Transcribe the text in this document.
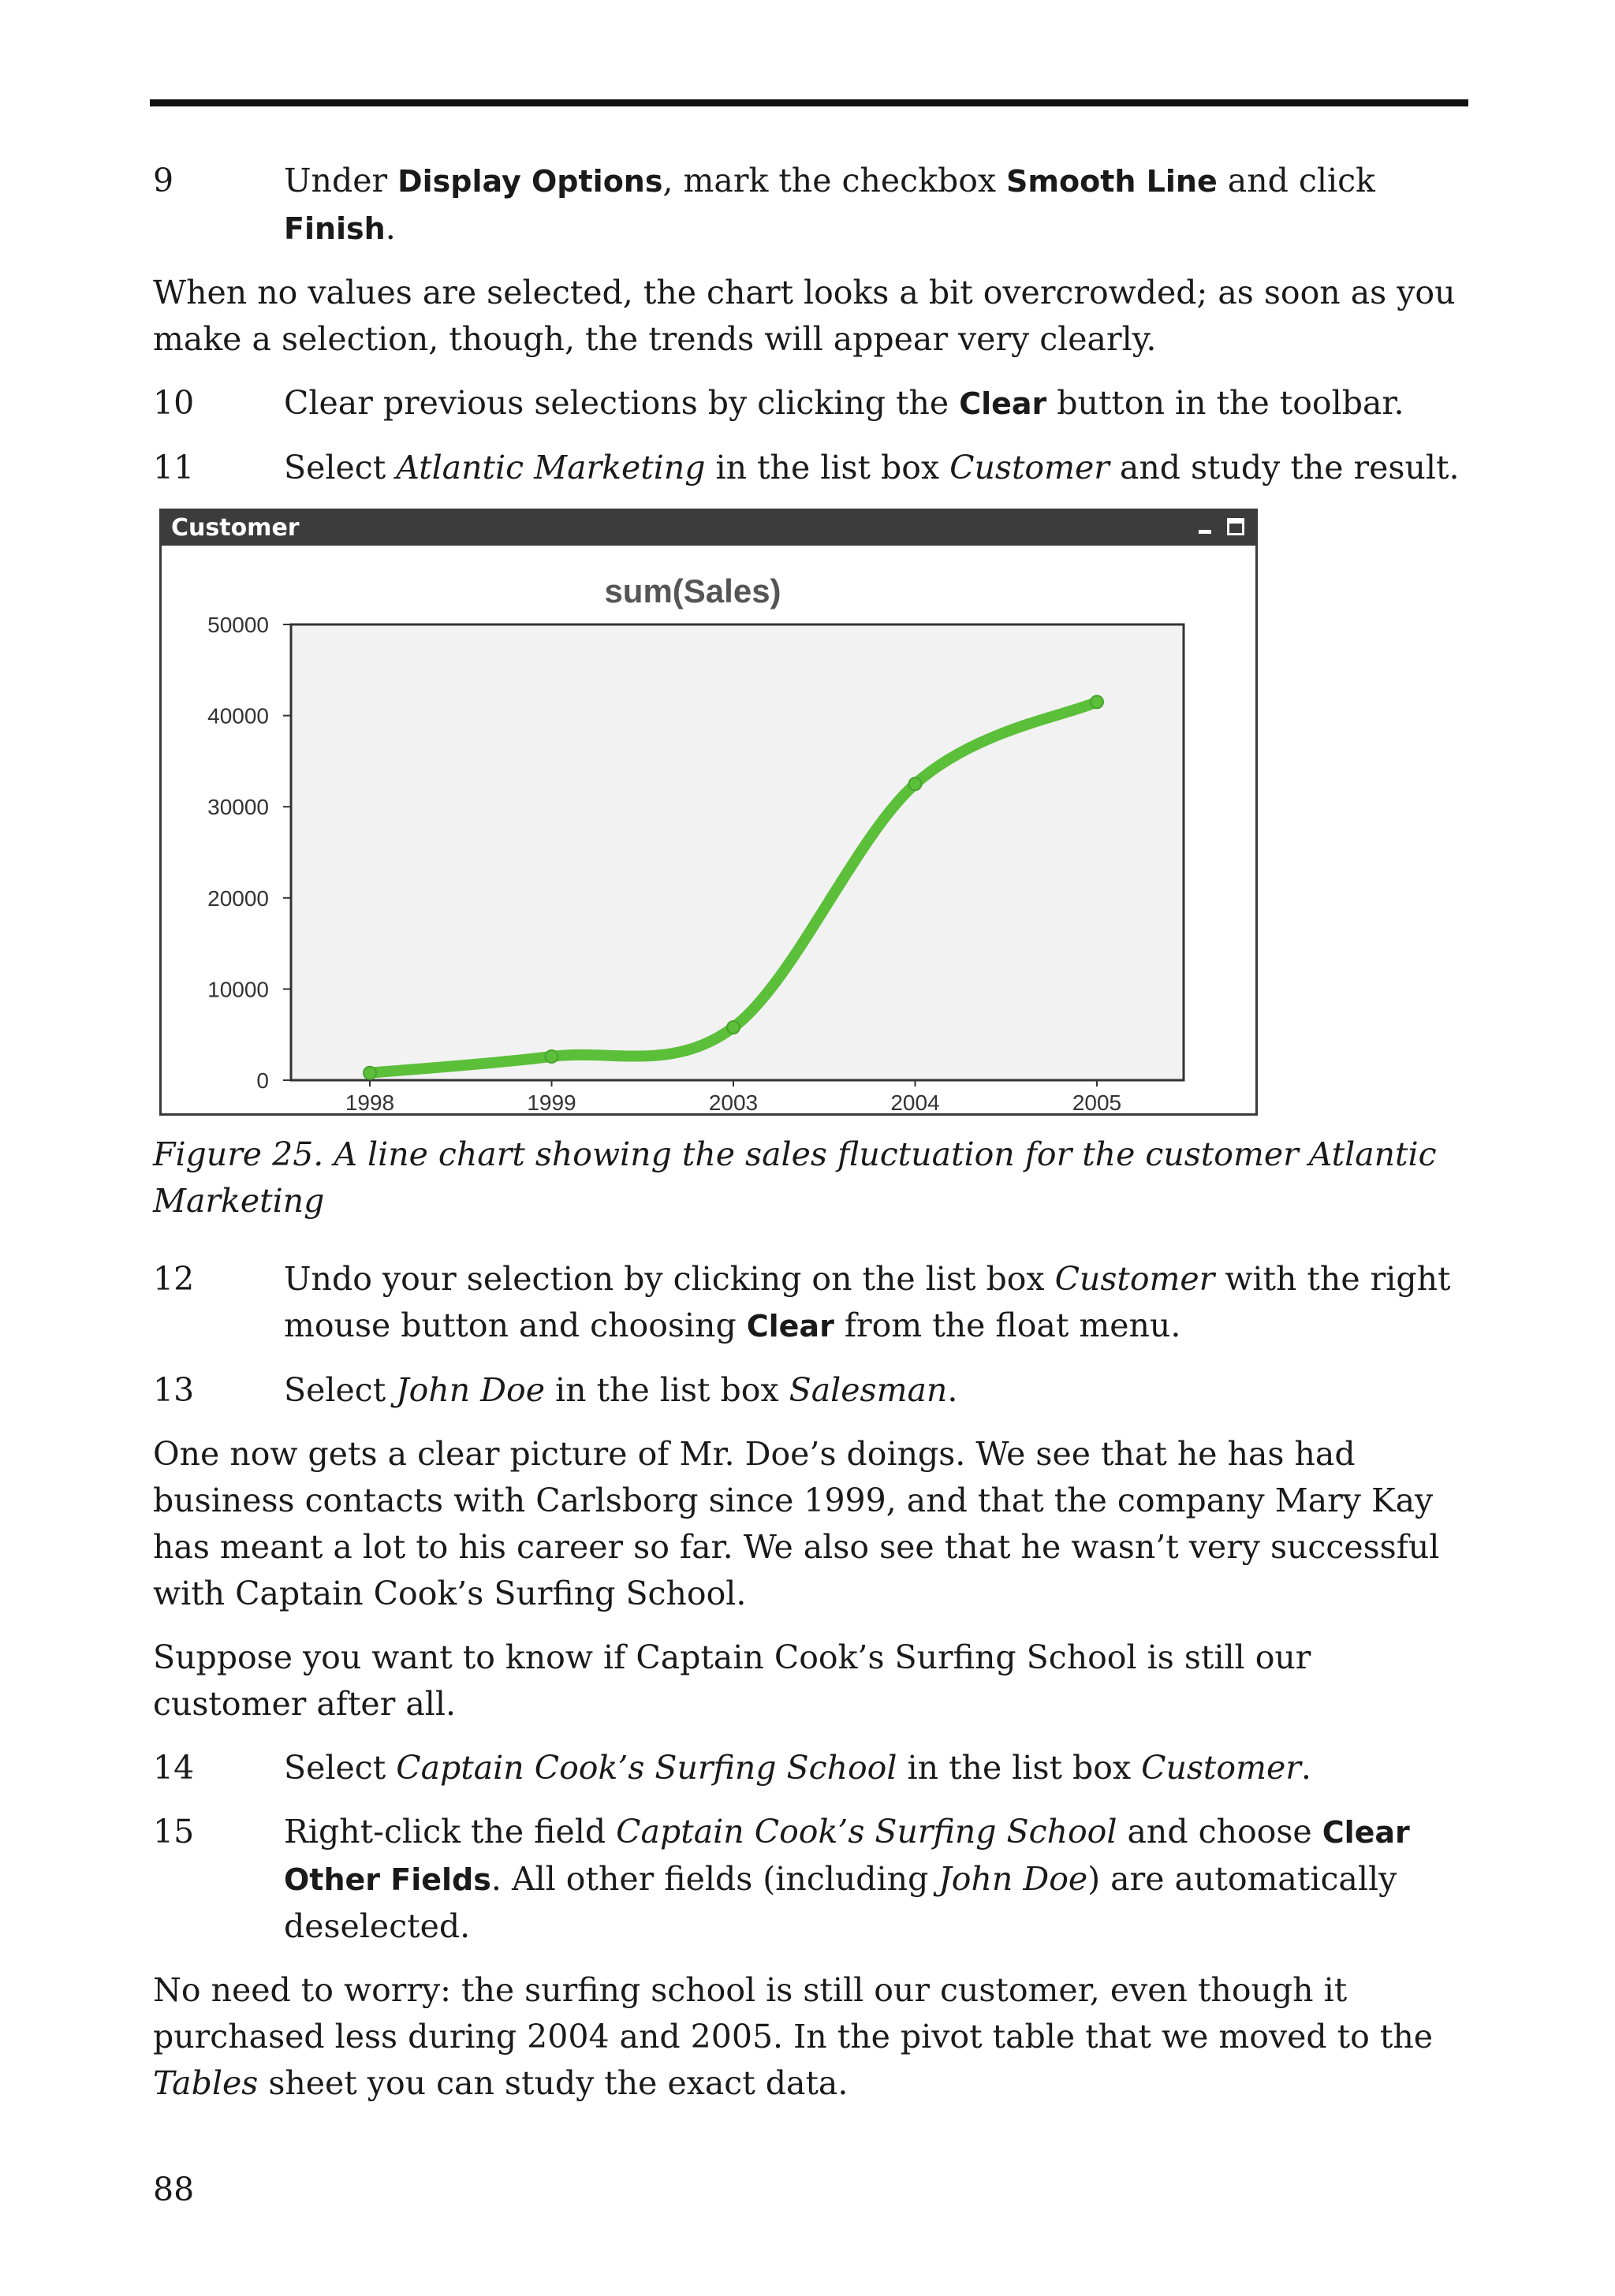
9	Under Display Options, mark the checkbox Smooth Line and click Finish.

When no values are selected, the chart looks a bit overcrowded; as soon as you make a selection, though, the trends will appear very clearly.

10	Clear previous selections by clicking the Clear button in the toolbar.
11	Select Atlantic Marketing in the list box Customer and study the result.
Customer
sum(Sales)
0
10000
20000
30000
40000
50000
1998	1999	2003	2004	2005

Figure 25. A line chart showing the sales fluctuation for the customer Atlantic Marketing

12	Undo your selection by clicking on the list box Customer with the right mouse button and choosing Clear from the float menu.
13	Select John Doe in the list box Salesman.

One now gets a clear picture of Mr. Doe’s doings. We see that he has had business contacts with Carlsborg since 1999, and that the company Mary Kay has meant a lot to his career so far. We also see that he wasn’t very successful with Captain Cook’s Surfing School.

Suppose you want to know if Captain Cook’s Surfing School is still our customer after all.

14	Select Captain Cook’s Surfing School in the list box Customer.
15	Right-click the field Captain Cook’s Surfing School and choose Clear Other Fields. All other fields (including John Doe) are automatically deselected.

No need to worry: the surfing school is still our customer, even though it purchased less during 2004 and 2005. In the pivot table that we moved to the Tables sheet you can study the exact data.

88
